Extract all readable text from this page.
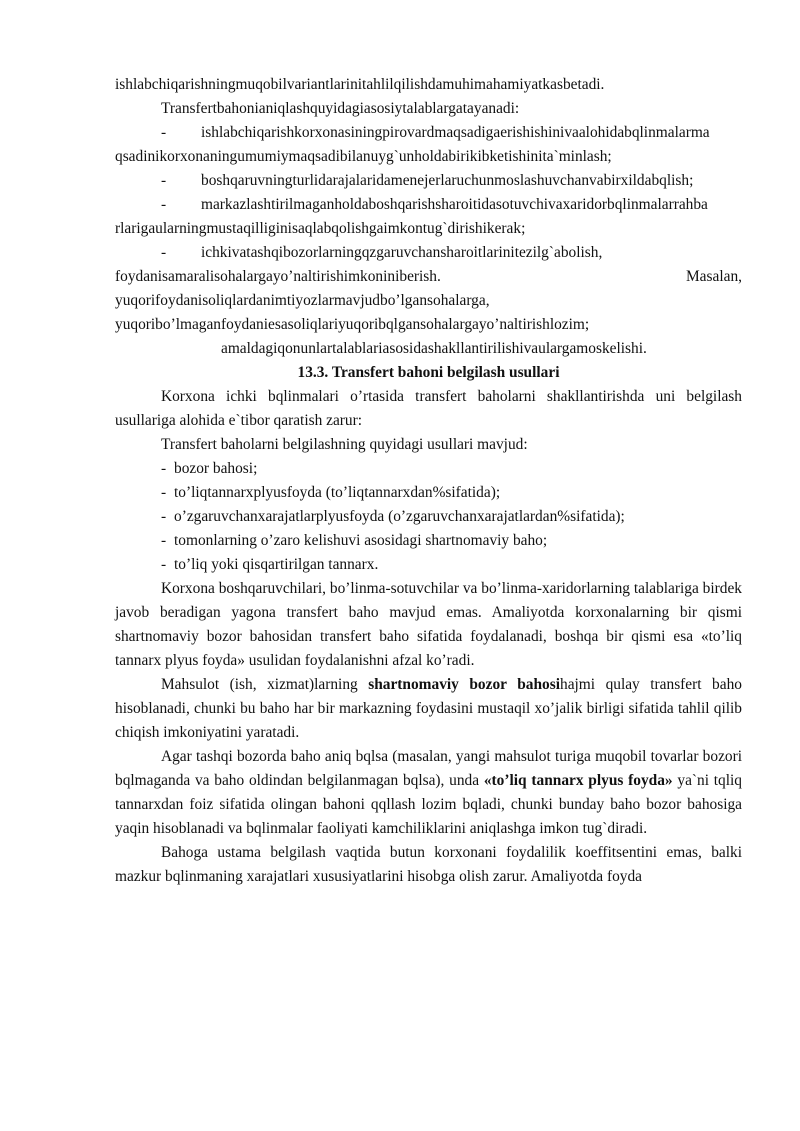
ishlabchiqarishningmuqobilvariantlarinitahlilqilishdamuhimahamiyatkasbetadi.
Transfertbahonianiqlashquyidagiasosiytalablargatayanadi:
- ishlabchiqarishkorxonasiningpirovardmaqsadigaerishishinivaalohidabqlinmalarma
qsadinikorxonaningumumiymaqsadibilanuyg`unholdabirikibketishinita`minlash;
- boshqaruvningturlidarajalaridamenejerlaruchunmoslashuvchanvabirxildabqlish;
- markazlashtirilmaganholdaboshqarishsharoitidasotuvchivaxaridorbqlinmalarrahba
rlarigaularningmustaqilliginisaqlabqolishgaimkontug`dirishikerak;
- ichkivatashqibozorlarningqzgaruvchansharoitlarinitezilg`abolish,
foydanisamaralisohalargayo’naltirishimkoniniberish.	Masalan,
yuqorifoydanisoliqlardanimtiyozlarmavjudbo’lgansohalarga,
yuqoribo’lmaganfoydaniesasoliqlariyuqoribqlgansohalargayo’naltirishlozim;
amaldagiqonunlartalablariasosidashakllantirilishivaulargamoskelishi.
13.3. Transfert bahoni belgilash usullari

Korxona ichki bqlinmalari o’rtasida transfert baholarni shakllantirishda uni belgilash usullariga alohida e`tibor qaratish zarur:

Transfert baholarni belgilashning quyidagi usullari mavjud:
- bozor bahosi;
- to’liqtannarxplyusfoyda (to’liqtannarxdan%sifatida);
- o’zgaruvchanxarajatlarplyusfoyda (o’zgaruvchanxarajatlardan%sifatida);
- tomonlarning o’zaro kelishuvi asosidagi shartnomaviy baho;
- to’liq yoki qisqartirilgan tannarx.

Korxona boshqaruvchilari, bo’linma-sotuvchilar va bo’linma-xaridorlarning talablariga birdek javob beradigan yagona transfert baho mavjud emas. Amaliyotda korxonalarning bir qismi shartnomaviy bozor bahosidan transfert baho sifatida foydalanadi, boshqa bir qismi esa «to’liq tannarx plyus foyda» usulidan foydalanishni afzal ko’radi.

Mahsulot (ish, xizmat)larning shartnomaviy bozor bahosihajmi qulay transfert baho hisoblanadi, chunki bu baho har bir markazning foydasini mustaqil xo’jalik birligi sifatida tahlil qilib chiqish imkoniyatini yaratadi.

Agar tashqi bozorda baho aniq bqlsa (masalan, yangi mahsulot turiga muqobil tovarlar bozori bqlmaganda va baho oldindan belgilanmagan bqlsa), unda «to’liq tannarx plyus foyda» ya`ni tqliq tannarxdan foiz sifatida olingan bahoni qqllash lozim bqladi, chunki bunday baho bozor bahosiga yaqin hisoblanadi va bqlinmalar faoliyati kamchiliklarini aniqlashga imkon tug`diradi.

Bahoga ustama belgilash vaqtida butun korxonani foydalilik koeffitsentini emas, balki mazkur bqlinmaning xarajatlari xususiyatlarini hisobga olish zarur. Amaliyotda foyda
